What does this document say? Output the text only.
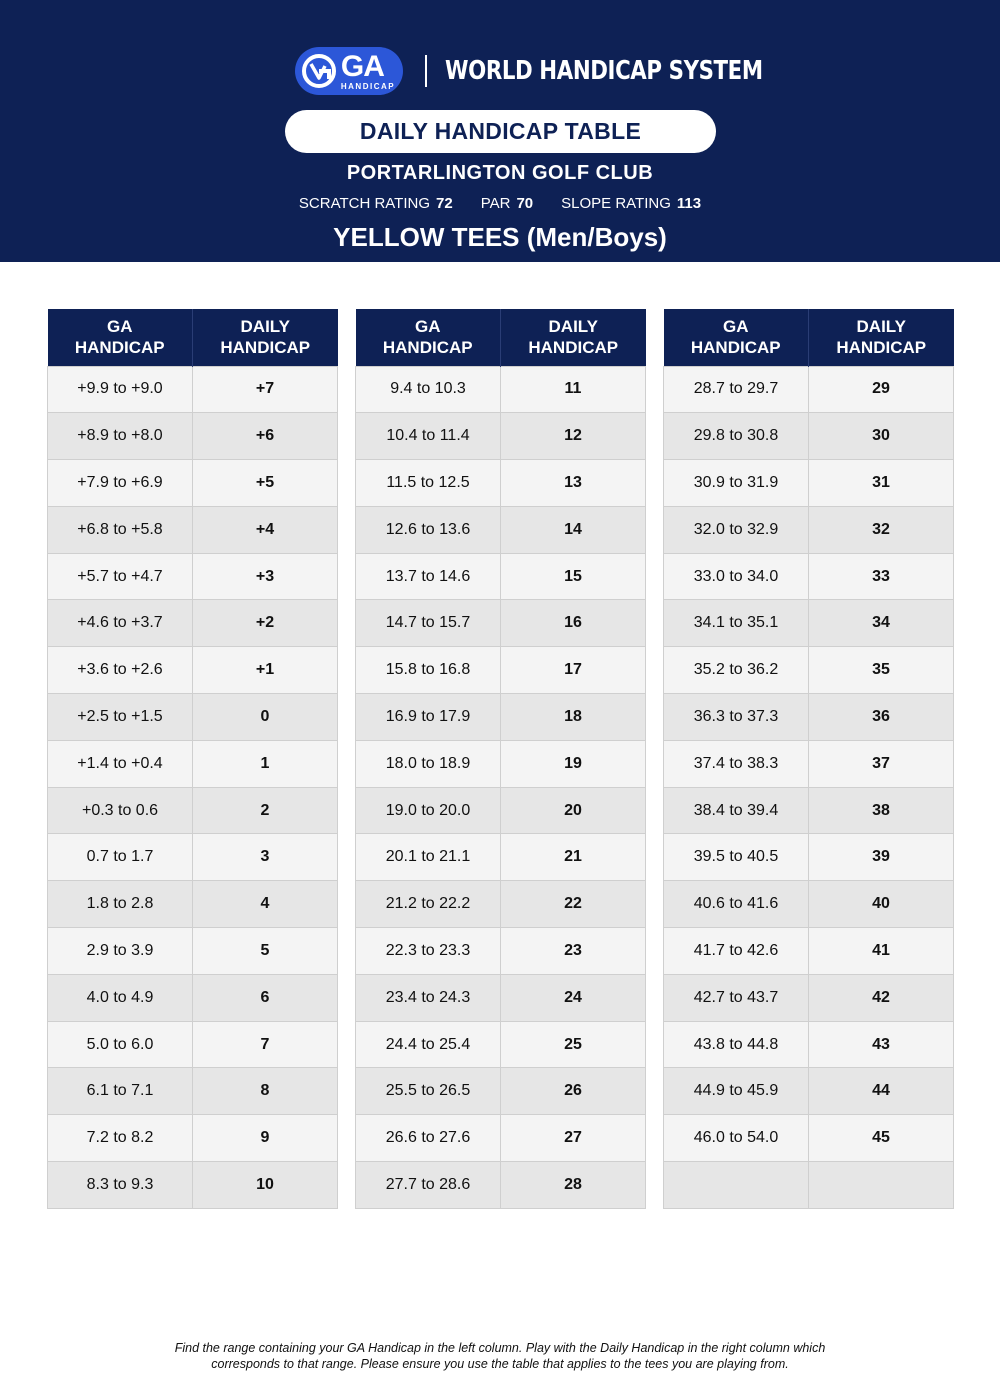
GA
HANDICAP WORLD HANDICAP SYSTEM
DAILY HANDICAP TABLE
PORTARLINGTON GOLF CLUB
SCRATCH RATING 72 PAR 70 SLOPE RATING 113
YELLOW TEES (Men/Boys)
GA
HANDICAP	DAILY
HANDICAP
+9.9 to +9.0	+7
+8.9 to +8.0	+6
+7.9 to +6.9	+5
+6.8 to +5.8	+4
+5.7 to +4.7	+3
+4.6 to +3.7	+2
+3.6 to +2.6	+1
+2.5 to +1.5	0
+1.4 to +0.4	1
+0.3 to 0.6	2
0.7 to 1.7	3
1.8 to 2.8	4
2.9 to 3.9	5
4.0 to 4.9	6
5.0 to 6.0	7
6.1 to 7.1	8
7.2 to 8.2	9
8.3 to 9.3	10
GA
HANDICAP	DAILY
HANDICAP
9.4 to 10.3	11
10.4 to 11.4	12
11.5 to 12.5	13
12.6 to 13.6	14
13.7 to 14.6	15
14.7 to 15.7	16
15.8 to 16.8	17
16.9 to 17.9	18
18.0 to 18.9	19
19.0 to 20.0	20
20.1 to 21.1	21
21.2 to 22.2	22
22.3 to 23.3	23
23.4 to 24.3	24
24.4 to 25.4	25
25.5 to 26.5	26
26.6 to 27.6	27
27.7 to 28.6	28
GA
HANDICAP	DAILY
HANDICAP
28.7 to 29.7	29
29.8 to 30.8	30
30.9 to 31.9	31
32.0 to 32.9	32
33.0 to 34.0	33
34.1 to 35.1	34
35.2 to 36.2	35
36.3 to 37.3	36
37.4 to 38.3	37
38.4 to 39.4	38
39.5 to 40.5	39
40.6 to 41.6	40
41.7 to 42.6	41
42.7 to 43.7	42
43.8 to 44.8	43
44.9 to 45.9	44
46.0 to 54.0	45

Find the range containing your GA Handicap in the left column. Play with the Daily Handicap in the right column which
corresponds to that range. Please ensure you use the table that applies to the tees you are playing from.
